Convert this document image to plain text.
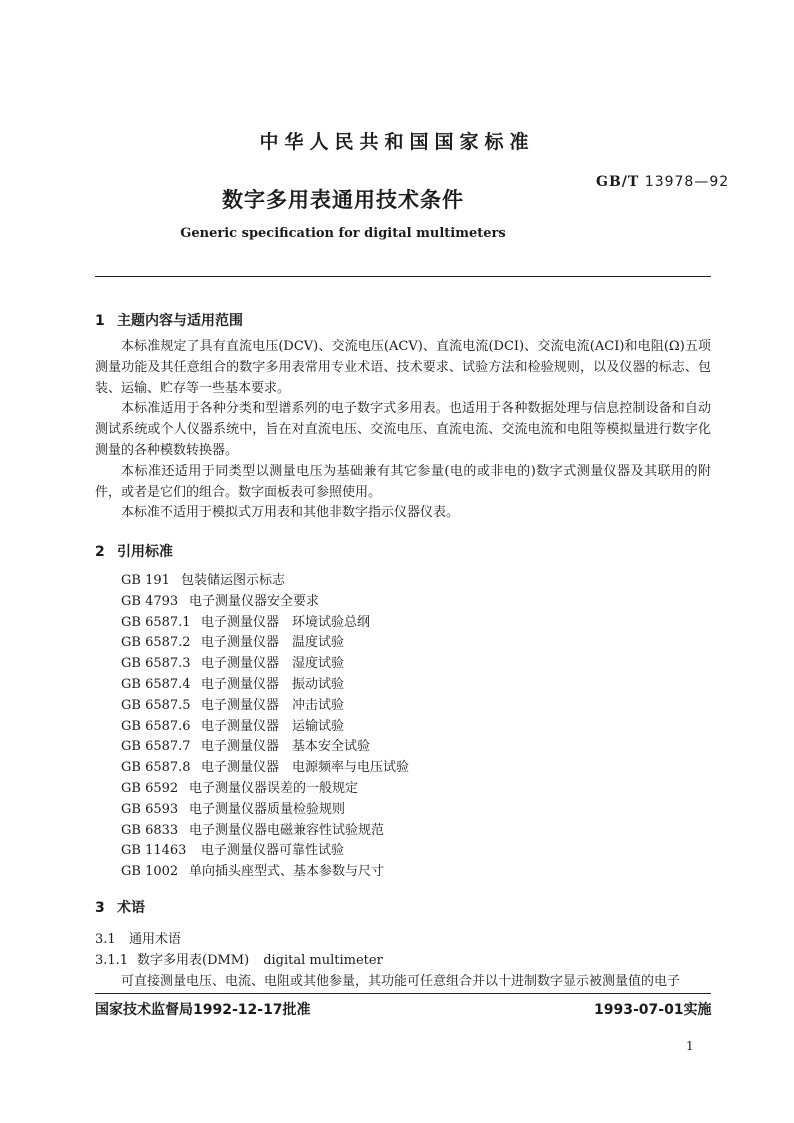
中华人民共和国国家标准
GB/T 13978—92
数字多用表通用技术条件
Generic specification for digital multimeters
1 主题内容与适用范围

本标准规定了具有直流电压(DCV)、交流电压(ACV)、直流电流(DCI)、交流电流(ACI)和电阻(Ω)五项测量功能及其任意组合的数字多用表常用专业术语、技术要求、试验方法和检验规则，以及仪器的标志、包装、运输、贮存等一些基本要求。

本标准适用于各种分类和型谱系列的电子数字式多用表。也适用于各种数据处理与信息控制设备和自动测试系统或个人仪器系统中，旨在对直流电压、交流电压、直流电流、交流电流和电阻等模拟量进行数字化测量的各种模数转换器。

本标准还适用于同类型以测量电压为基础兼有其它参量(电的或非电的)数字式测量仪器及其联用的附件，或者是它们的组合。数字面板表可参照使用。

本标准不适用于模拟式万用表和其他非数字指示仪器仪表。

2 引用标准
GB 191 包装储运图示标志
GB 4793 电子测量仪器安全要求
GB 6587.1 电子测量仪器　环境试验总纲
GB 6587.2 电子测量仪器　温度试验
GB 6587.3 电子测量仪器　湿度试验
GB 6587.4 电子测量仪器　振动试验
GB 6587.5 电子测量仪器　冲击试验
GB 6587.6 电子测量仪器　运输试验
GB 6587.7 电子测量仪器　基本安全试验
GB 6587.8 电子测量仪器　电源频率与电压试验
GB 6592 电子测量仪器误差的一般规定
GB 6593 电子测量仪器质量检验规则
GB 6833 电子测量仪器电磁兼容性试验规范
GB 11463 电子测量仪器可靠性试验
GB 1002 单向插头座型式、基本参数与尺寸
3 术语
3.1 通用术语
3.1.1 数字多用表(DMM) digital multimeter
可直接测量电压、电流、电阻或其他参量，其功能可任意组合并以十进制数字显示被测量值的电子
国家技术监督局1992-12-17批准	1993-07-01实施
1
